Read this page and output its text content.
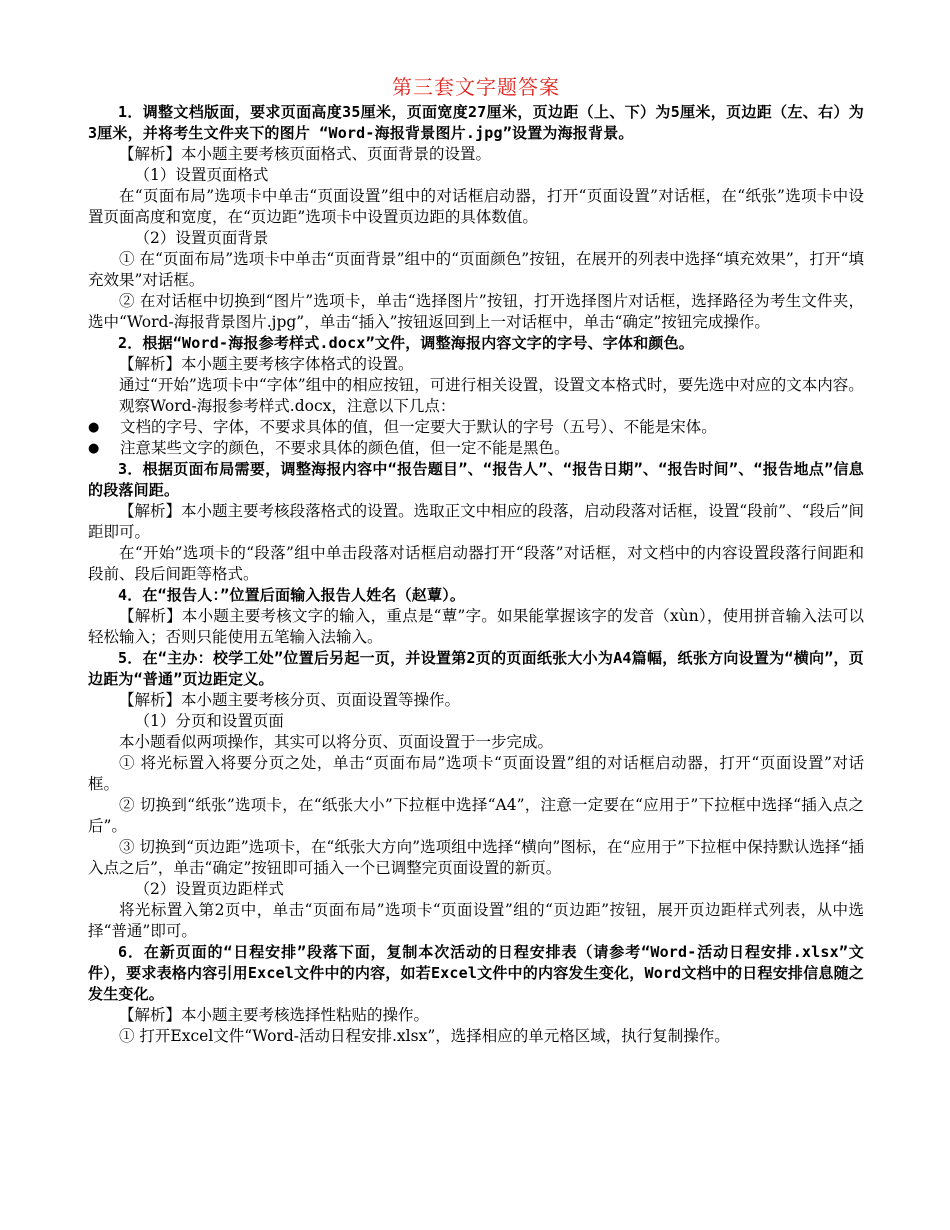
第三套文字题答案

1．调整文档版面，要求页面高度35厘米，页面宽度27厘米，页边距（上、下）为5厘米，页边距（左、右）为3厘米，并将考生文件夹下的图片 “Word-海报背景图片.jpg”设置为海报背景。

【解析】本小题主要考核页面格式、页面背景的设置。

（1）设置页面格式

在“页面布局”选项卡中单击“页面设置”组中的对话框启动器，打开“页面设置”对话框，在“纸张”选项卡中设置页面高度和宽度，在“页边距”选项卡中设置页边距的具体数值。

（2）设置页面背景

① 在“页面布局”选项卡中单击“页面背景”组中的“页面颜色”按钮，在展开的列表中选择“填充效果”，打开“填充效果”对话框。

② 在对话框中切换到“图片”选项卡，单击“选择图片”按钮，打开选择图片对话框，选择路径为考生文件夹，选中“Word-海报背景图片.jpg”，单击“插入”按钮返回到上一对话框中，单击“确定”按钮完成操作。

2．根据“Word-海报参考样式.docx”文件，调整海报内容文字的字号、字体和颜色。

【解析】本小题主要考核字体格式的设置。

通过“开始”选项卡中“字体”组中的相应按钮，可进行相关设置，设置文本格式时，要先选中对应的文本内容。

观察Word-海报参考样式.docx，注意以下几点：

● 文档的字号、字体，不要求具体的值，但一定要大于默认的字号（五号）、不能是宋体。

● 注意某些文字的颜色，不要求具体的颜色值，但一定不能是黑色。

3．根据页面布局需要，调整海报内容中“报告题目”、“报告人”、“报告日期”、“报告时间”、“报告地点”信息的段落间距。

【解析】本小题主要考核段落格式的设置。选取正文中相应的段落，启动段落对话框，设置“段前”、“段后”间距即可。

在“开始”选项卡的“段落”组中单击段落对话框启动器打开“段落”对话框，对文档中的内容设置段落行间距和段前、段后间距等格式。

4．在“报告人：”位置后面输入报告人姓名（赵蕈）。

【解析】本小题主要考核文字的输入，重点是“蕈”字。如果能掌握该字的发音（xùn），使用拼音输入法可以轻松输入；否则只能使用五笔输入法输入。

5．在“主办：校学工处”位置后另起一页，并设置第2页的页面纸张大小为A4篇幅，纸张方向设置为“横向”，页边距为“普通”页边距定义。

【解析】本小题主要考核分页、页面设置等操作。

（1）分页和设置页面

本小题看似两项操作，其实可以将分页、页面设置于一步完成。

① 将光标置入将要分页之处，单击“页面布局”选项卡“页面设置”组的对话框启动器，打开“页面设置”对话框。

② 切换到“纸张”选项卡，在“纸张大小”下拉框中选择“A4”，注意一定要在“应用于”下拉框中选择“插入点之后”。

③ 切换到“页边距”选项卡，在“纸张大方向”选项组中选择“横向”图标，在“应用于”下拉框中保持默认选择“插入点之后”，单击“确定”按钮即可插入一个已调整完页面设置的新页。

（2）设置页边距样式

将光标置入第2页中，单击“页面布局”选项卡“页面设置”组的“页边距”按钮，展开页边距样式列表，从中选择“普通”即可。

6．在新页面的“日程安排”段落下面，复制本次活动的日程安排表（请参考“Word-活动日程安排.xlsx”文件），要求表格内容引用Excel文件中的内容，如若Excel文件中的内容发生变化，Word文档中的日程安排信息随之发生变化。

【解析】本小题主要考核选择性粘贴的操作。

① 打开Excel文件“Word-活动日程安排.xlsx”，选择相应的单元格区域，执行复制操作。
